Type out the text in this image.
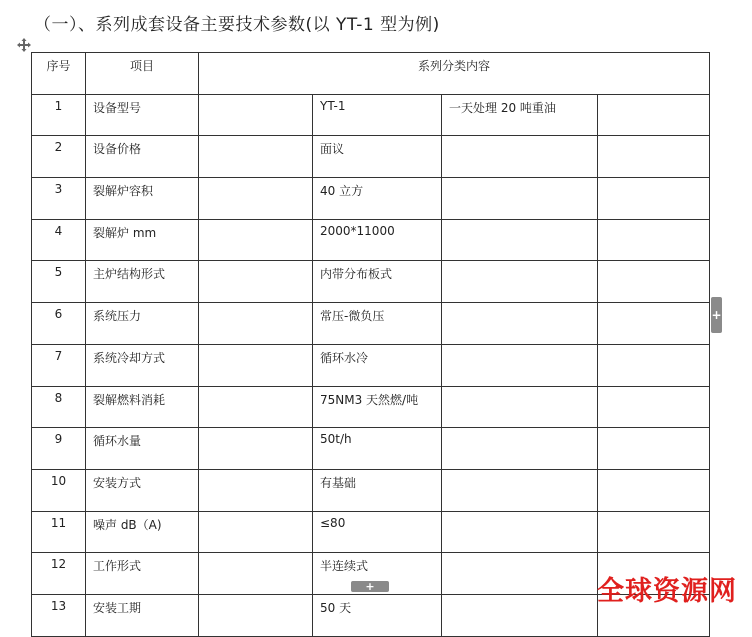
（一）、系列成套设备主要技术参数(以 YT-1 型为例)
序号	项目	系列分类内容			
1	设备型号		YT-1	一天处理 20 吨重油	
2	设备价格		面议		
3	裂解炉容积		40 立方		
4	裂解炉 mm		2000*11000		
5	主炉结构形式		内带分布板式		
6	系统压力		常压-微负压		
7	系统冷却方式		循环水冷		
8	裂解燃料消耗		75NM3 天然燃/吨		
9	循环水量		50t/h		
10	安装方式		有基础		
11	噪声 dB（A)		≤80		
12	工作形式		半连续式		
13	安装工期		50 天		
+
+	全球资源网
